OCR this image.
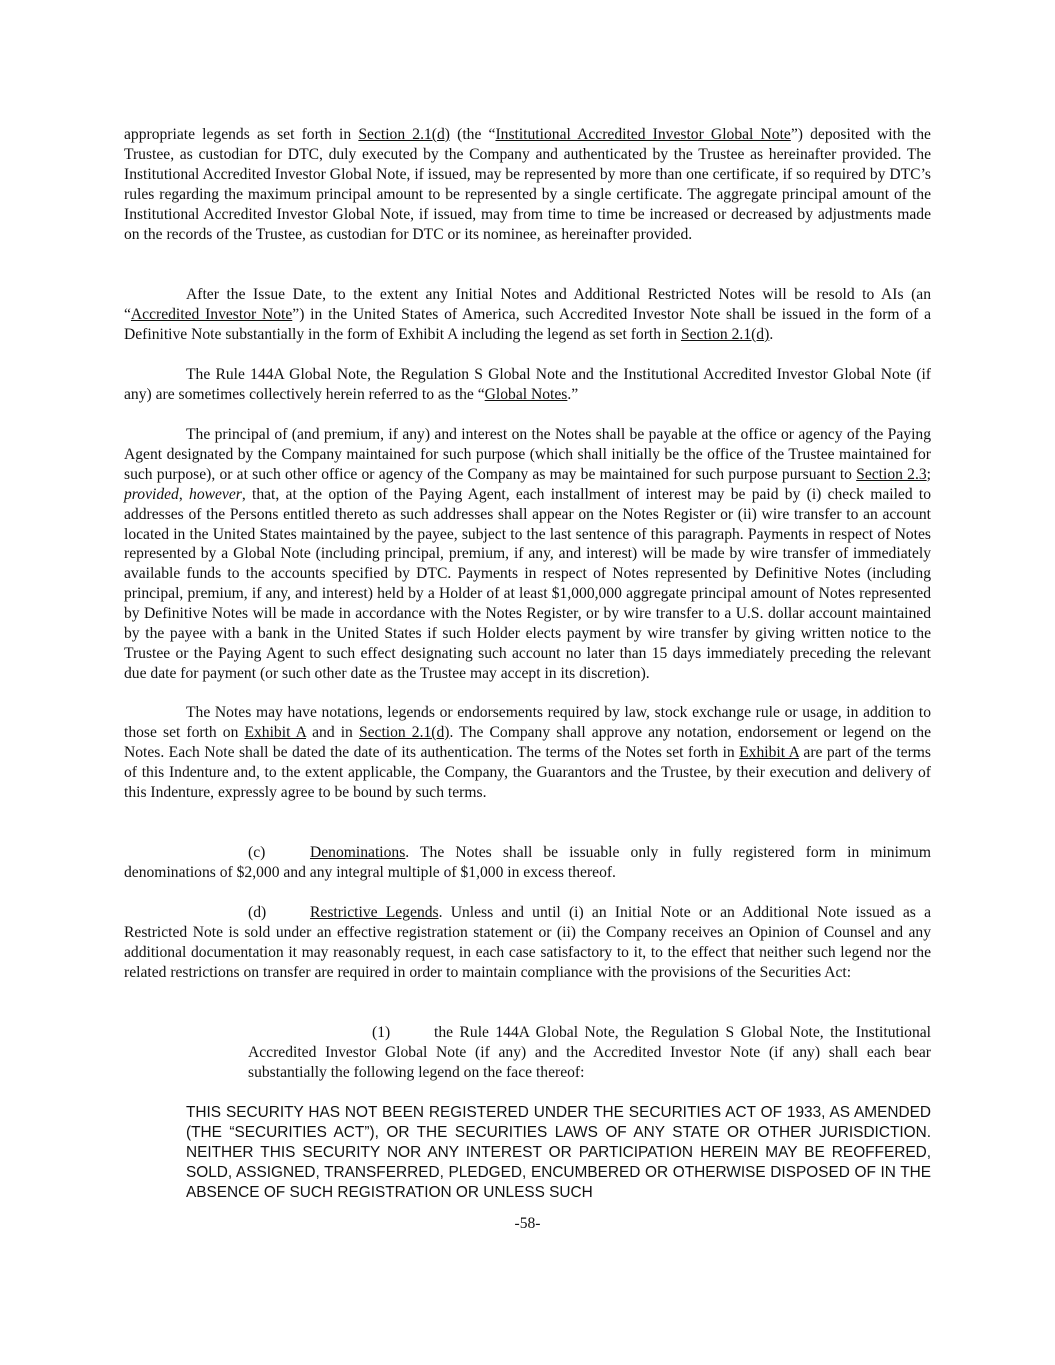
appropriate legends as set forth in Section 2.1(d) (the “Institutional Accredited Investor Global Note”) deposited with the Trustee, as custodian for DTC, duly executed by the Company and authenticated by the Trustee as hereinafter provided. The Institutional Accredited Investor Global Note, if issued, may be represented by more than one certificate, if so required by DTC’s rules regarding the maximum principal amount to be represented by a single certificate. The aggregate principal amount of the Institutional Accredited Investor Global Note, if issued, may from time to time be increased or decreased by adjustments made on the records of the Trustee, as custodian for DTC or its nominee, as hereinafter provided.

After the Issue Date, to the extent any Initial Notes and Additional Restricted Notes will be resold to AIs (an “Accredited Investor Note”) in the United States of America, such Accredited Investor Note shall be issued in the form of a Definitive Note substantially in the form of Exhibit A including the legend as set forth in Section 2.1(d).

The Rule 144A Global Note, the Regulation S Global Note and the Institutional Accredited Investor Global Note (if any) are sometimes collectively herein referred to as the “Global Notes.”

The principal of (and premium, if any) and interest on the Notes shall be payable at the office or agency of the Paying Agent designated by the Company maintained for such purpose (which shall initially be the office of the Trustee maintained for such purpose), or at such other office or agency of the Company as may be maintained for such purpose pursuant to Section 2.3; provided, however, that, at the option of the Paying Agent, each installment of interest may be paid by (i) check mailed to addresses of the Persons entitled thereto as such addresses shall appear on the Notes Register or (ii) wire transfer to an account located in the United States maintained by the payee, subject to the last sentence of this paragraph. Payments in respect of Notes represented by a Global Note (including principal, premium, if any, and interest) will be made by wire transfer of immediately available funds to the accounts specified by DTC. Payments in respect of Notes represented by Definitive Notes (including principal, premium, if any, and interest) held by a Holder of at least $1,000,000 aggregate principal amount of Notes represented by Definitive Notes will be made in accordance with the Notes Register, or by wire transfer to a U.S. dollar account maintained by the payee with a bank in the United States if such Holder elects payment by wire transfer by giving written notice to the Trustee or the Paying Agent to such effect designating such account no later than 15 days immediately preceding the relevant due date for payment (or such other date as the Trustee may accept in its discretion).

The Notes may have notations, legends or endorsements required by law, stock exchange rule or usage, in addition to those set forth on Exhibit A and in Section 2.1(d). The Company shall approve any notation, endorsement or legend on the Notes. Each Note shall be dated the date of its authentication. The terms of the Notes set forth in Exhibit A are part of the terms of this Indenture and, to the extent applicable, the Company, the Guarantors and the Trustee, by their execution and delivery of this Indenture, expressly agree to be bound by such terms.

(c)	Denominations. The Notes shall be issuable only in fully registered form in minimum denominations of $2,000 and any integral multiple of $1,000 in excess thereof.

(d)	Restrictive Legends. Unless and until (i) an Initial Note or an Additional Note issued as a Restricted Note is sold under an effective registration statement or (ii) the Company receives an Opinion of Counsel and any additional documentation it may reasonably request, in each case satisfactory to it, to the effect that neither such legend nor the related restrictions on transfer are required in order to maintain compliance with the provisions of the Securities Act:

(1)	the Rule 144A Global Note, the Regulation S Global Note, the Institutional Accredited Investor Global Note (if any) and the Accredited Investor Note (if any) shall each bear substantially the following legend on the face thereof:

THIS SECURITY HAS NOT BEEN REGISTERED UNDER THE SECURITIES ACT OF 1933, AS AMENDED (THE “SECURITIES ACT”), OR THE SECURITIES LAWS OF ANY STATE OR OTHER JURISDICTION. NEITHER THIS SECURITY NOR ANY INTEREST OR PARTICIPATION HEREIN MAY BE REOFFERED, SOLD, ASSIGNED, TRANSFERRED, PLEDGED, ENCUMBERED OR OTHERWISE DISPOSED OF IN THE ABSENCE OF SUCH REGISTRATION OR UNLESS SUCH

-58-
